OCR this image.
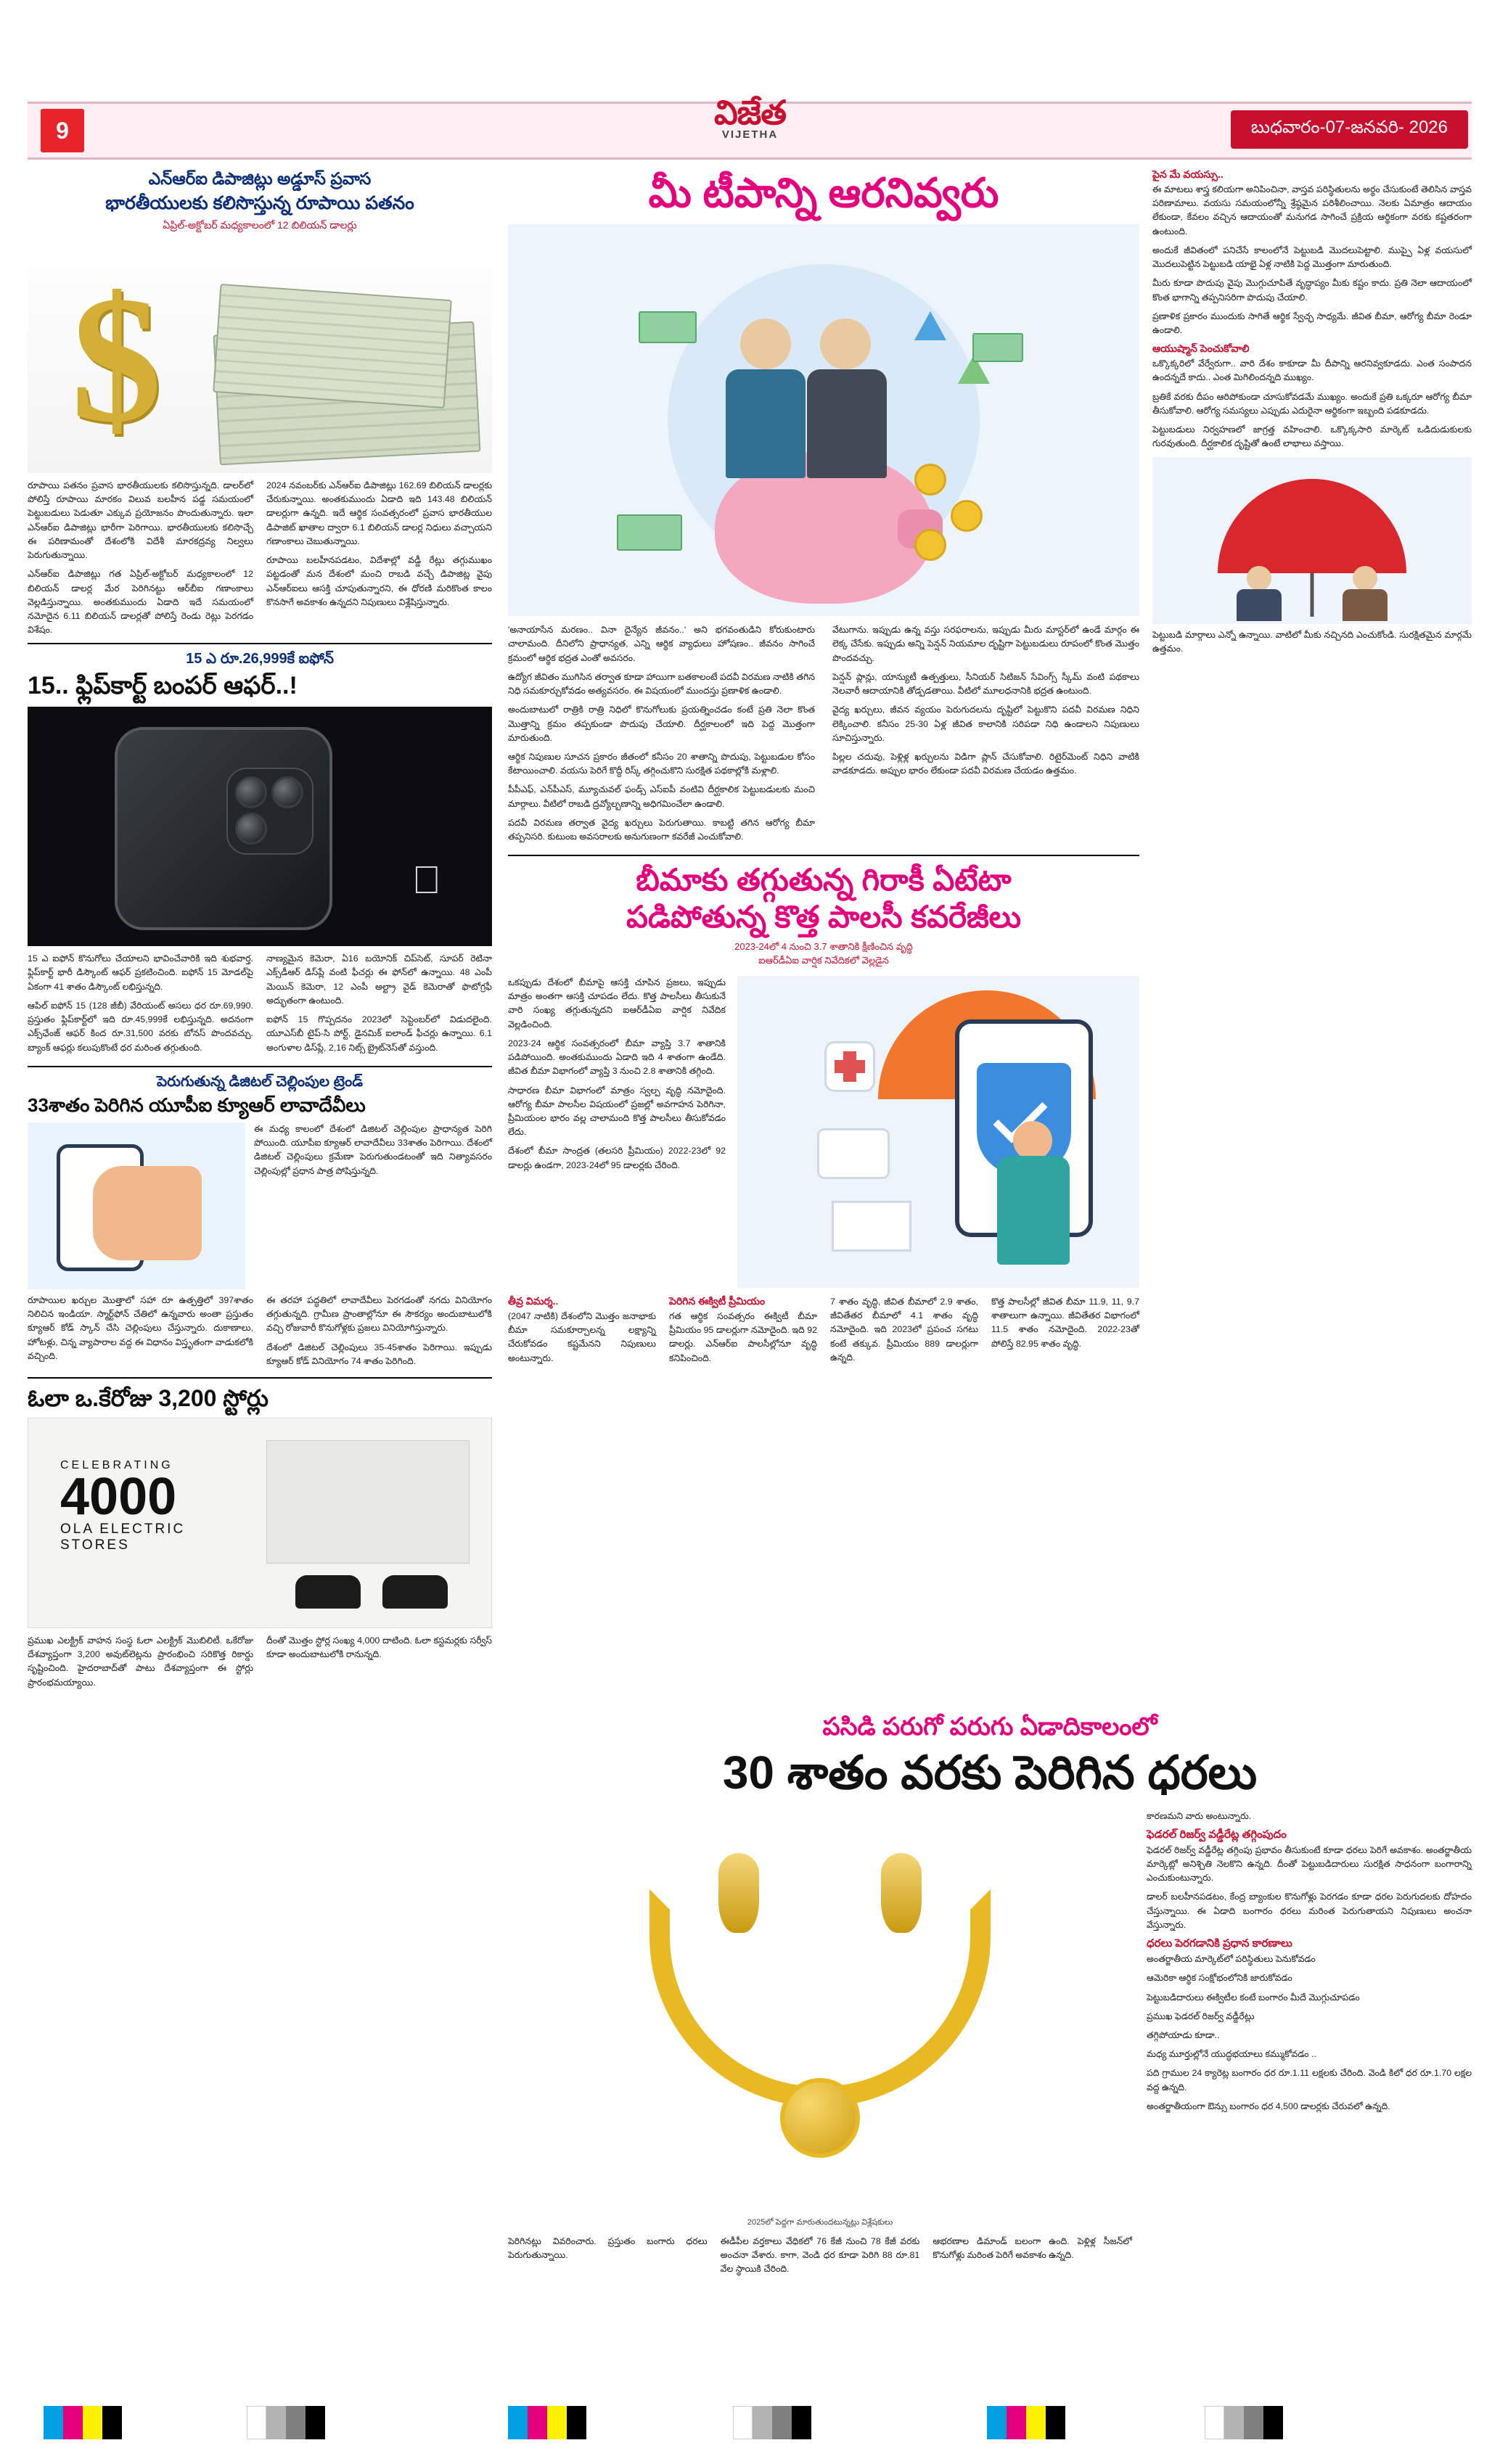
9	విజేత
VIJETHA	బుధవారం-07-జనవరి- 2026
ఎన్‌ఆర్‌ఐ డిపాజిట్లు అడ్డూస్‌ ప్రవాస
భారతీయులకు కలిసొస్తున్న రూపాయి పతనం
ఏప్రిల్‌-అక్టోబర్‌ మధ్యకాలంలో 12 బిలియన్‌ డాలర్లు
$

రూపాయి పతనం ప్రవాస భారతీయులకు కలిసొస్తున్నది. డాలర్‌లో పోలిస్తే రూపాయి మారకం విలువ బలహీన పడ్డ సమయంలో పెట్టుబడులు పెడుతూ ఎక్కువ ప్రయోజనం పొందుతున్నారు. ఇలా ఎన్‌ఆర్‌ఐ డిపాజిట్లు భారీగా పెరిగాయి. భారతీయులకు కలిసొచ్చే ఈ పరిణామంతో దేశంలోకి విదేశీ మారకద్రవ్య నిల్వలు పెరుగుతున్నాయి.

ఎన్‌ఆర్‌ఐ డిపాజిట్లు గత ఏప్రిల్‌-అక్టోబర్‌ మధ్యకాలంలో 12 బిలియన్‌ డాలర్ల మేర పెరిగినట్టు ఆర్‌బీఐ గణాంకాలు వెల్లడిస్తున్నాయి. అంతకుముందు ఏడాది ఇదే సమయంలో నమోదైన 6.11 బిలియన్‌ డాలర్లతో పోలిస్తే రెండు రెట్లు పెరగడం విశేషం.

2024 నవంబర్‌కు ఎన్‌ఆర్‌ఐ డిపాజిట్లు 162.69 బిలియన్‌ డాలర్లకు చేరుకున్నాయి. అంతకుముందు ఏడాది ఇది 143.48 బిలియన్‌ డాలర్లుగా ఉన్నది. ఇదే ఆర్థిక సంవత్సరంలో ప్రవాస భారతీయుల డిపాజిట్‌ ఖాతాల ద్వారా 6.1 బిలియన్‌ డాలర్ల నిధులు వచ్చాయని గణాంకాలు చెబుతున్నాయి.

రూపాయి బలహీనపడటం, విదేశాల్లో వడ్డీ రేట్లు తగ్గుముఖం పట్టడంతో మన దేశంలో మంచి రాబడి వచ్చే డిపాజిట్ల వైపు ఎన్‌ఆర్‌ఐలు ఆసక్తి చూపుతున్నారని, ఈ ధోరణి మరికొంత కాలం కొనసాగే అవకాశం ఉన్నదని నిపుణులు విశ్లేషిస్తున్నారు.

15 ఎ రూ.26,999కే ఐఫోన్
15.. ఫ్లిప్‌కార్ట్‌ బంపర్ ఆఫర్..!

15 ఎ ఐఫోన్‌ కొనుగోలు చేయాలని భావించేవారికి ఇది శుభవార్త. ఫ్లిప్‌కార్ట్‌ భారీ డిస్కౌంట్‌ ఆఫర్‌ ప్రకటించింది. ఐఫోన్‌ 15 మోడల్‌పై ఏకంగా 41 శాతం డిస్కౌంట్‌ లభిస్తున్నది.

ఆపిల్‌ ఐఫోన్‌ 15 (128 జీబీ) వేరియంట్‌ అసలు ధర రూ.69,990. ప్రస్తుతం ఫ్లిప్‌కార్ట్‌లో ఇది రూ.45,999కే లభిస్తున్నది. అదనంగా ఎక్స్‌ఛేంజ్‌ ఆఫర్‌ కింద రూ.31,500 వరకు బోనస్‌ పొందవచ్చు. బ్యాంక్‌ ఆఫర్లు కలుపుకొంటే ధర మరింత తగ్గుతుంది.

నాణ్యమైన కెమెరా, ఏ16 బయోనిక్‌ చిప్‌సెట్‌, సూపర్‌ రెటినా ఎక్స్‌డీఆర్‌ డిస్‌ప్లే వంటి ఫీచర్లు ఈ ఫోన్‌లో ఉన్నాయి. 48 ఎంపీ మెయిన్‌ కెమెరా, 12 ఎంపీ అల్ట్రా వైడ్‌ కెమెరాతో ఫొటోగ్రఫీ అద్భుతంగా ఉంటుంది.

ఐఫోన్‌ 15 గొప్పదనం 2023లో సెప్టెంబర్‌లో విడుదలైంది. యూఎస్‌బీ టైప్‌-సి పోర్ట్‌, డైనమిక్‌ ఐలాండ్‌ ఫీచర్లు ఉన్నాయి. 6.1 అంగుళాల డిస్‌ప్లే, 2,16 నిట్స్‌ బ్రైట్‌నెస్‌తో వస్తుంది.

పెరుగుతున్న డిజిటల్‌ చెల్లింపుల ట్రెండ్‌
33శాతం పెరిగిన యూపీఐ క్యూఆర్‌ లావాదేవీలు

ఈ మధ్య కాలంలో దేశంలో డిజిటల్‌ చెల్లింపుల ప్రాధాన్యత పెరిగి పోయింది. యూపీఐ క్యూఆర్‌ లావాదేవీలు 33శాతం పెరిగాయి. దేశంలో డిజిటల్‌ చెల్లింపులు క్రమేణా పెరుగుతుండటంతో ఇది నిత్యావసరం చెల్లింపుల్లో ప్రధాన పాత్ర పోషిస్తున్నది.

రూపాయిల ఖర్చుల మొత్తాలో సహా రూ ఉత్పత్తిలో 397శాతం నిలిచిన ఇండియా. స్మార్ట్‌ఫోన్‌ చేతిలో ఉన్నవారు అంతా ప్రస్తుతం క్యూఆర్‌ కోడ్‌ స్కాన్‌ చేసి చెల్లింపులు చేస్తున్నారు. దుకాణాలు, హోటళ్లు, చిన్న వ్యాపారాల వద్ద ఈ విధానం విస్తృతంగా వాడుకలోకి వచ్చింది.

ఈ తరహా పద్ధతిలో లావాదేవీలు పెరగడంతో నగదు వినియోగం తగ్గుతున్నది. గ్రామీణ ప్రాంతాల్లోనూ ఈ సౌకర్యం అందుబాటులోకి వచ్చి రోజువారీ కొనుగోళ్లకు ప్రజలు వినియోగిస్తున్నారు.

దేశంలో డిజిటల్‌ చెల్లింపులు 35-45శాతం పెరిగాయి. ఇప్పుడు క్యూఆర్‌ కోడ్‌ వినియోగం 74 శాతం పెరిగింది.

ఓలా ఒ.కేరోజు 3,200 స్టోర్లు
CELEBRATING
4000
OLA ELECTRIC
STORES

ప్రముఖ ఎలక్ట్రిక్‌ వాహన సంస్థ ఓలా ఎలక్ట్రిక్‌ మొబిలిటీ. ఒకేరోజు దేశవ్యాప్తంగా 3,200 అవుట్‌లెట్లను ప్రారంభించి సరికొత్త రికార్డు సృష్టించింది. హైదరాబాద్‌తో పాటు దేశవ్యాప్తంగా ఈ స్టోర్లు ప్రారంభమయ్యాయి.

దీంతో మొత్తం స్టోర్ల సంఖ్య 4,000 దాటింది. ఓలా కస్టమర్లకు సర్వీస్‌ కూడా అందుబాటులోకి రానున్నది.

మీ టీపాన్ని ఆరనివ్వరు

'అనాయాసేన మరణం.. వినా దైన్యేన జీవనం..' అని భగవంతుడిని కోరుకుంటారు చాలామంది. దీనిలోని ప్రాధాన్యత, ఎన్ని ఆర్థిక వ్యాధులు హోషణం.. జీవనం సాగించే క్రమంలో ఆర్థిక భద్రత ఎంతో అవసరం.

ఉద్యోగ జీవితం ముగిసిన తర్వాత కూడా హాయిగా బతకాలంటే పదవీ విరమణ నాటికి తగిన నిధి సమకూర్చుకోవడం అత్యవసరం. ఈ విషయంలో ముందస్తు ప్రణాళిక ఉండాలి.

అందుబాటులో రాత్రికి రాత్రి నిధిలో కొనుగోలుకు ప్రయత్నించడం కంటే ప్రతి నెలా కొంత మొత్తాన్ని క్రమం తప్పకుండా పొదుపు చేయాలి. దీర్ఘకాలంలో ఇది పెద్ద మొత్తంగా మారుతుంది.

ఆర్థిక నిపుణుల సూచన ప్రకారం జీతంలో కనీసం 20 శాతాన్ని పొదుపు, పెట్టుబడుల కోసం కేటాయించాలి. వయసు పెరిగే కొద్దీ రిస్క్‌ తగ్గించుకొని సురక్షిత పథకాల్లోకి మళ్లాలి.

పీపీఎఫ్‌, ఎన్‌పీఎస్‌, మ్యూచువల్‌ ఫండ్స్‌ ఎస్‌ఐపీ వంటివి దీర్ఘకాలిక పెట్టుబడులకు మంచి మార్గాలు. వీటిలో రాబడి ద్రవ్యోల్బణాన్ని అధిగమించేలా ఉండాలి.

పదవీ విరమణ తర్వాత వైద్య ఖర్చులు పెరుగుతాయి. కాబట్టి తగిన ఆరోగ్య బీమా తప్పనిసరి. కుటుంబ అవసరాలకు అనుగుణంగా కవరేజీ ఎంచుకోవాలి.

వేటుగాను. ఇప్పుడు ఉన్న వస్తు సరఫరాలను, ఇప్పుడు మీరు మాస్టర్‌లో ఉండే మార్గం ఈ లెక్క చేసేకు. ఇప్పుడు అన్ని పెన్షన్‌ నియమాల దృష్టిగా పెట్టుబడులు రూపంలో కొంత మొత్తం పొందవచ్చు.

పెన్షన్‌ ప్లాన్లు, యాన్యుటీ ఉత్పత్తులు, సీనియర్‌ సిటిజన్‌ సేవింగ్స్‌ స్కీమ్‌ వంటి పథకాలు నెలవారీ ఆదాయానికి తోడ్పడతాయి. వీటిలో మూలధనానికి భద్రత ఉంటుంది.

వైద్య ఖర్చులు, జీవన వ్యయం పెరుగుదలను దృష్టిలో పెట్టుకొని పదవీ విరమణ నిధిని లెక్కించాలి. కనీసం 25-30 ఏళ్ల జీవిత కాలానికి సరిపడా నిధి ఉండాలని నిపుణులు సూచిస్తున్నారు.

పిల్లల చదువు, పెళ్లిళ్ల ఖర్చులను విడిగా ప్లాన్‌ చేసుకోవాలి. రిటైర్‌మెంట్‌ నిధిని వాటికి వాడకూడదు. అప్పుల భారం లేకుండా పదవీ విరమణ చేయడం ఉత్తమం.

బీమాకు తగ్గుతున్న గిరాకీ ఏటేటా
పడిపోతున్న కొత్త పాలసీ కవరేజీలు
2023-24లో 4 నుంచి 3.7 శాతానికి క్షీణించిన వృద్ధి
ఐఆర్‌డీఏఐ వార్షిక నివేదికలో వెల్లడైన

ఒకప్పుడు దేశంలో బీమాపై ఆసక్తి చూపిన ప్రజలు, ఇప్పుడు మాత్రం అంతగా ఆసక్తి చూపడం లేదు. కొత్త పాలసీలు తీసుకునే వారి సంఖ్య తగ్గుతున్నదని ఐఆర్‌డీఏఐ వార్షిక నివేదిక వెల్లడించింది.

2023-24 ఆర్థిక సంవత్సరంలో బీమా వ్యాప్తి 3.7 శాతానికి పడిపోయింది. అంతకుముందు ఏడాది ఇది 4 శాతంగా ఉండేది. జీవిత బీమా విభాగంలో వ్యాప్తి 3 నుంచి 2.8 శాతానికి తగ్గింది.

సాధారణ బీమా విభాగంలో మాత్రం స్వల్ప వృద్ధి నమోదైంది. ఆరోగ్య బీమా పాలసీల విషయంలో ప్రజల్లో అవగాహన పెరిగినా, ప్రీమియంల భారం వల్ల చాలామంది కొత్త పాలసీలు తీసుకోవడం లేదు.

దేశంలో బీమా సాంద్రత (తలసరి ప్రీమియం) 2022-23లో 92 డాలర్లు ఉండగా, 2023-24లో 95 డాలర్లకు చేరింది.

తీవ్ర విమర్శ..

(2047 నాటికి) దేశంలోని మొత్తం జనాభాకు బీమా సమకూర్చాలన్న లక్ష్యాన్ని చేరుకోవడం కష్టమేనని నిపుణులు అంటున్నారు.

పెరిగిన ఈక్విటీ ప్రీమియం

గత ఆర్థిక సంవత్సరం ఈక్విటీ బీమా ప్రీమియం 95 డాలర్లుగా నమోదైంది. ఇది 92 డాలర్లు. ఎన్‌ఆర్‌ఐ పాలసీల్లోనూ వృద్ధి కనిపించింది.

7 శాతం వృద్ధి, జీవిత బీమాలో 2.9 శాతం, జీవితేతర బీమాలో 4.1 శాతం వృద్ధి నమోదైంది. ఇది 2023లో ప్రపంచ సగటు కంటే తక్కువ. ప్రీమియం 889 డాలర్లుగా ఉన్నది.

కొత్త పాలసీల్లో జీవిత బీమా 11.9, 11, 9.7 శాతాలుగా ఉన్నాయి. జీవితేతర విభాగంలో 11.5 శాతం నమోదైంది. 2022-23తో పోలిస్తే 82.95 శాతం వృద్ధి.

పైన మే వయస్సు..

ఈ మాటలు శాస్త్ర కలియగా అనిపించినా, వాస్తవ పరిస్థితులను అర్థం చేసుకుంటే తెలిసిన వాస్తవ పరిణామాలు. వయసు సమయంలోన్నీ శ్రేష్ఠమైన పరిశీలించాయి. నెలకు ఏమాత్రం ఆదాయం లేకుండా, కేవలం వచ్చిన ఆదాయంతో మనుగడ సాగించే ప్రక్రియ ఆర్థికంగా వరకు కష్టతరంగా ఉంటుంది.

అందుకే జీవితంలో పనిచేసే కాలంలోనే పెట్టుబడి మొదలుపెట్టాలి. ముప్పై ఏళ్ల వయసులో మొదలుపెట్టిన పెట్టుబడి యాభై ఏళ్ల నాటికి పెద్ద మొత్తంగా మారుతుంది.

మీరు కూడా పొదుపు వైపు మొగ్గుచూపితే వృద్ధాప్యం మీకు కష్టం కాదు. ప్రతి నెలా ఆదాయంలో కొంత భాగాన్ని తప్పనిసరిగా పొదుపు చేయాలి.

ప్రణాళిక ప్రకారం ముందుకు సాగితే ఆర్థిక స్వేచ్ఛ సాధ్యమే. జీవిత బీమా, ఆరోగ్య బీమా రెండూ ఉండాలి.

ఆయుష్మాన్ పెంచుకోవాలి

ఒక్కొక్కరిలో వేర్వేరుగా.. వారి దేశం కాకూడా మీ దీపాన్ని ఆరనివ్వకూడదు. ఎంత సంపాదన ఉందన్నదే కాదు.. ఎంత మిగిలిందన్నది ముఖ్యం.

బ్రతికే వరకు దీపం ఆరిపోకుండా చూసుకోవడమే ముఖ్యం. అందుకే ప్రతి ఒక్కరూ ఆరోగ్య బీమా తీసుకోవాలి. ఆరోగ్య సమస్యలు ఎప్పుడు ఎదురైనా ఆర్థికంగా ఇబ్బంది పడకూడదు.

పెట్టుబడులు నిర్వహణలో జాగ్రత్త వహించాలి. ఒక్కొక్కసారి మార్కెట్‌ ఒడిదుడుకులకు గురవుతుంది. దీర్ఘకాలిక దృష్టితో ఉంటే లాభాలు వస్తాయి.

పెట్టుబడి మార్గాలు ఎన్నో ఉన్నాయి. వాటిలో మీకు నచ్చినది ఎంచుకోండి. సురక్షితమైన మార్గమే ఉత్తమం.

పసిడి పరుగో పరుగు ఏడాదికాలంలో
30 శాతం వరకు పెరిగిన ధరలు
2025లో పెద్దగా మారుతుందటున్నట్లు విశ్లేషకులు

పెరిగినట్లు వివరించారు. ప్రస్తుతం బంగారు ధరలు పెరుగుతున్నాయి.

ఈడీపీల వర్తకాలు వేధికలో 76 కేజీ నుంచి 78 కేజీ వరకు అంచనా వేశారు. కాగా, వెండి ధర కూడా పెరిగి 88 రూ.81 వేల స్థాయికి చేరింది.

ఆభరణాల డిమాండ్‌ బలంగా ఉంది. పెళ్లిళ్ల సీజన్‌లో కొనుగోళ్లు మరింత పెరిగే అవకాశం ఉన్నది.

కారణమని వారు అంటున్నారు.

ఫెడరల్‌ రిజర్వ్‌ వడ్డీరేట్ల తగ్గింపుదం

ఫెడరల్‌ రిజర్వ్‌ వడ్డీరేట్ల తగ్గింపు ప్రభావం తీసుకుంటే కూడా ధరలు పెరిగే అవకాశం. అంతర్జాతీయ మార్కెట్లో అనిశ్చితి నెలకొని ఉన్నది. దీంతో పెట్టుబడిదారులు సురక్షిత సాధనంగా బంగారాన్ని ఎంచుకుంటున్నారు.

డాలర్‌ బలహీనపడటం, కేంద్ర బ్యాంకుల కొనుగోళ్లు పెరగడం కూడా ధరల పెరుగుదలకు దోహదం చేస్తున్నాయి. ఈ ఏడాది బంగారం ధరలు మరింత పెరుగుతాయని నిపుణులు అంచనా వేస్తున్నారు.

ధరలు పెరగడానికి ప్రధాన కారణాలు

అంతర్జాతీయ మార్కెట్‌లో పరిస్థితులు పెనుకోవడం

ఆమెరికా ఆర్థిక సంక్షోభంలోనికి జారుకోవడం

పెట్టుబడిదారులు ఈక్విటీల కంటే బంగారం మీదే మొగ్గుచూపడం

ప్రముఖ ఫెడరల్‌ రిజర్వ్‌ వడ్డీరేట్లు

తగ్గిపోయాడు కూడా..

మధ్య మూర్తుల్లోనే యుద్ధభయాలు కమ్ముకోవడం ..

పది గ్రాముల 24 క్యారెట్ల బంగారం ధర రూ.1.11 లక్షలకు చేరింది. వెండి కిలో ధర రూ.1.70 లక్షల వద్ద ఉన్నది.

అంతర్జాతీయంగా ఔన్సు బంగారం ధర 4,500 డాలర్లకు చేరువలో ఉన్నది.
